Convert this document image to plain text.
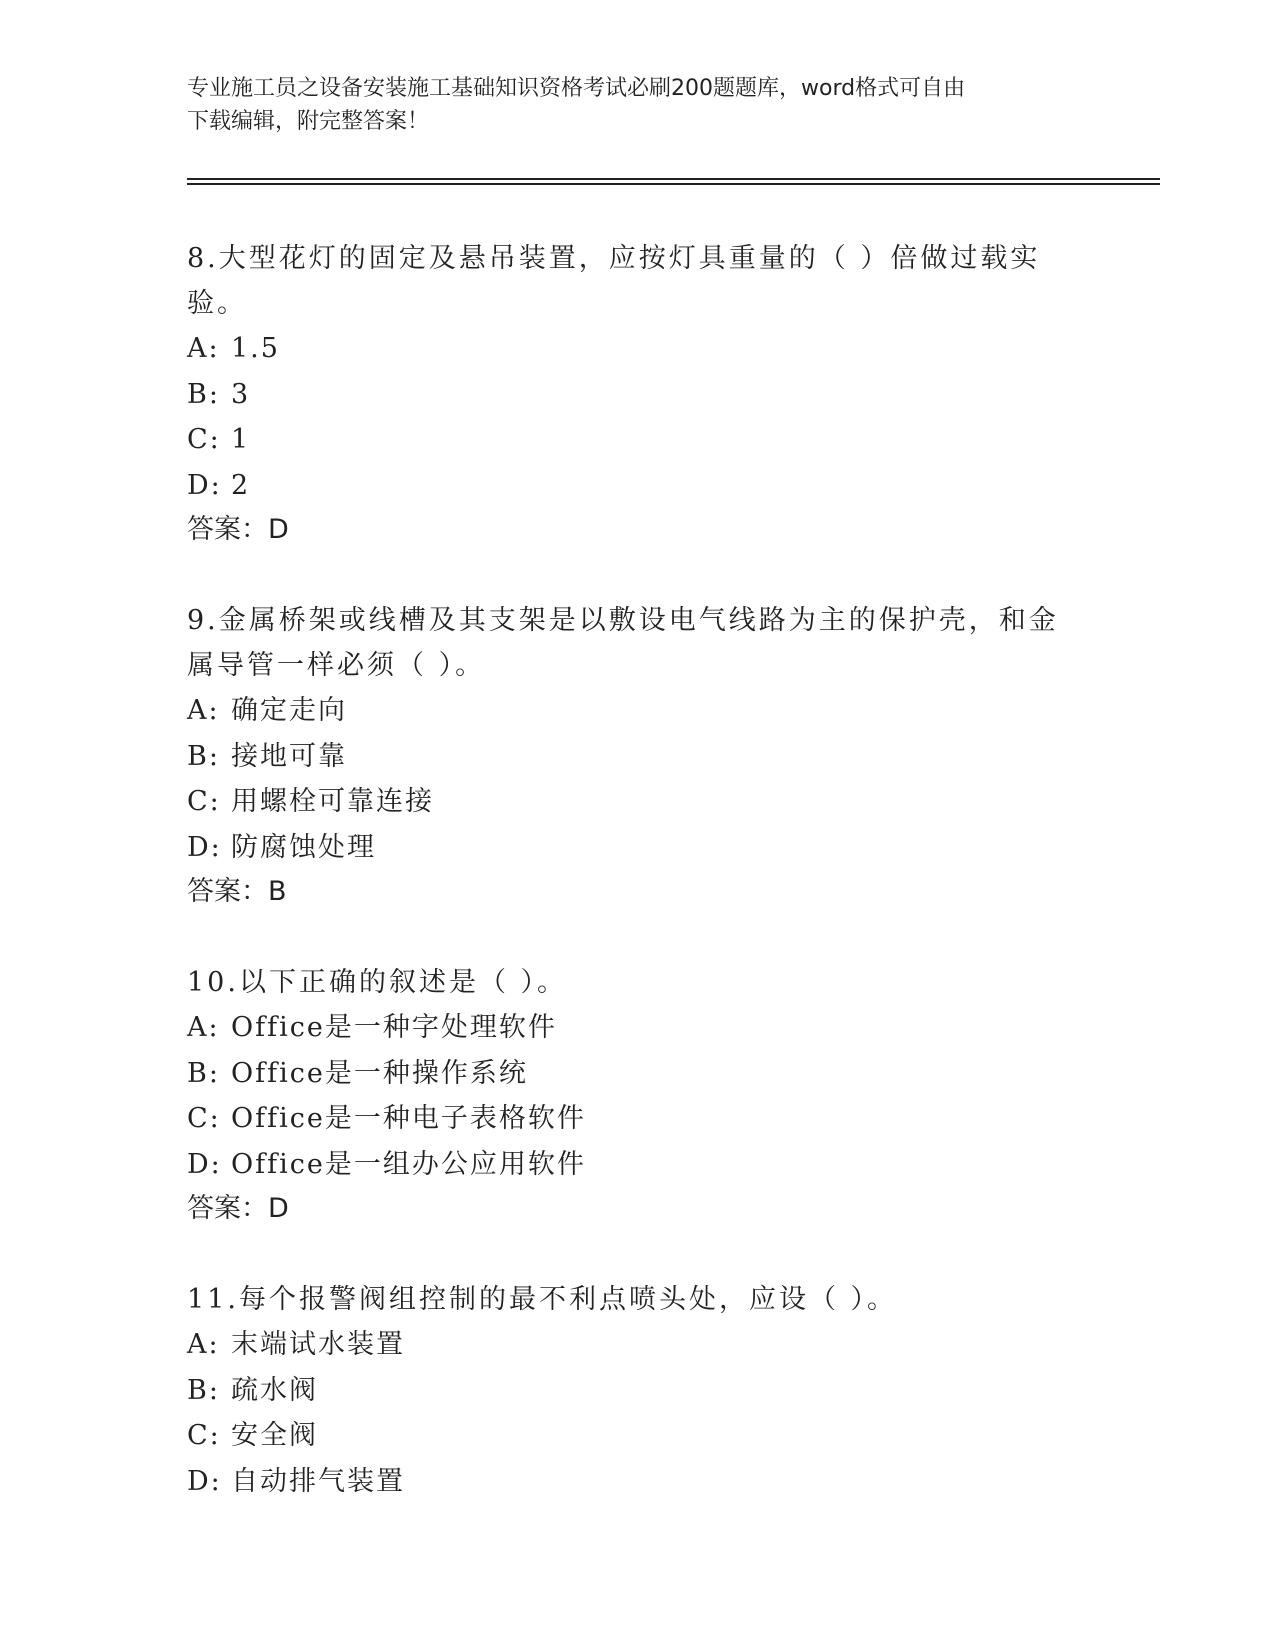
专业施工员之设备安装施工基础知识资格考试必刷200题题库，word格式可自由
下载编辑，附完整答案！
8.大型花灯的固定及悬吊装置，应按灯具重量的（ ）倍做过载实验。
A: 1.5
B: 3
C: 1
D: 2
答案：D
9.金属桥架或线槽及其支架是以敷设电气线路为主的保护壳，和金属导管一样必须（ ）。
A: 确定走向
B: 接地可靠
C: 用螺栓可靠连接
D: 防腐蚀处理
答案：B
10.以下正确的叙述是（ ）。
A: Office是一种字处理软件
B: Office是一种操作系统
C: Office是一种电子表格软件
D: Office是一组办公应用软件
答案：D
11.每个报警阀组控制的最不利点喷头处，应设（ ）。
A: 末端试水装置
B: 疏水阀
C: 安全阀
D: 自动排气装置
